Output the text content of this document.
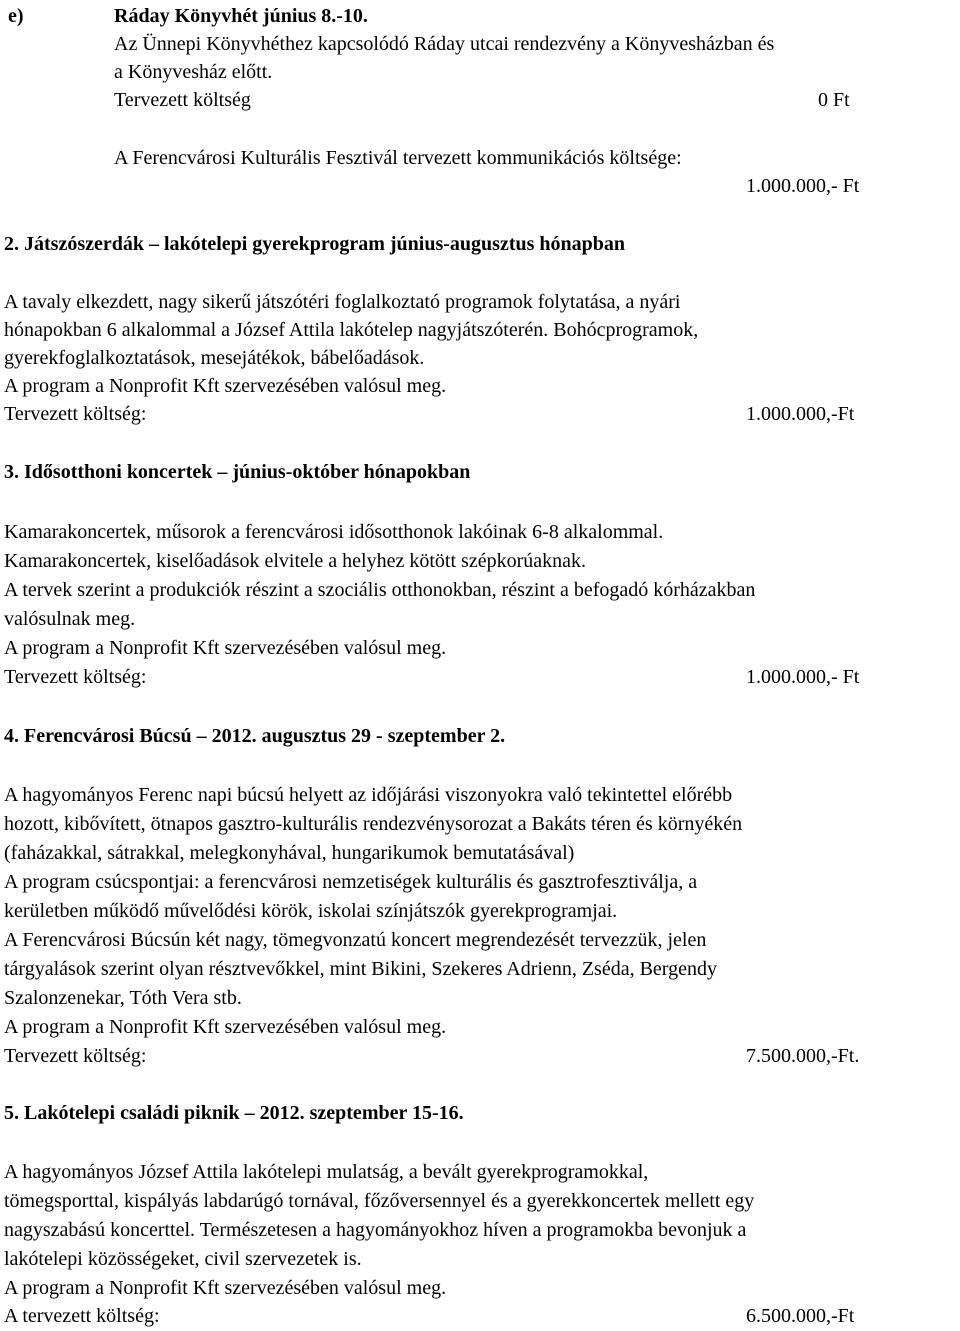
e)	Ráday Könyvhét június 8.-10.
Az Ünnepi Könyvhéthez kapcsolódó Ráday utcai rendezvény a Könyvesházban és
a Könyvesház előtt.
Tervezett költség	0 Ft
A Ferencvárosi Kulturális Fesztivál tervezett kommunikációs költsége:
1.000.000,- Ft
2. Játszószerdák – lakótelepi gyerekprogram június-augusztus hónapban
A tavaly elkezdett, nagy sikerű játszótéri foglalkoztató programok folytatása, a nyári
hónapokban 6 alkalommal a József Attila lakótelep nagyjátszóterén. Bohócprogramok,
gyerekfoglalkoztatások, mesejátékok, bábelőadások.
A program a Nonprofit Kft szervezésében valósul meg.
Tervezett költség:	1.000.000,-Ft
3. Idősotthoni koncertek – június-október hónapokban
Kamarakoncertek, műsorok a ferencvárosi idősotthonok lakóinak 6-8 alkalommal.
Kamarakoncertek, kiselőadások elvitele a helyhez kötött szépkorúaknak.
A tervek szerint a produkciók részint a szociális otthonokban, részint a befogadó kórházakban
valósulnak meg.
A program a Nonprofit Kft szervezésében valósul meg.
Tervezett költség:	1.000.000,- Ft
4. Ferencvárosi Búcsú – 2012. augusztus 29 - szeptember 2.
A hagyományos Ferenc napi búcsú helyett az időjárási viszonyokra való tekintettel előrébb
hozott, kibővített, ötnapos gasztro-kulturális rendezvénysorozat a Bakáts téren és környékén
(faházakkal, sátrakkal, melegkonyhával, hungarikumok bemutatásával)
A program csúcspontjai: a ferencvárosi nemzetiségek kulturális és gasztrofesztiválja, a
kerületben működő művelődési körök, iskolai színjátszók gyerekprogramjai.
A Ferencvárosi Búcsún két nagy, tömegvonzatú koncert megrendezését tervezzük, jelen
tárgyalások szerint olyan résztvevőkkel, mint Bikini, Szekeres Adrienn, Zséda, Bergendy
Szalonzenekar, Tóth Vera stb.
A program a Nonprofit Kft szervezésében valósul meg.
Tervezett költség:	7.500.000,-Ft.
5. Lakótelepi családi piknik – 2012. szeptember 15-16.
A hagyományos József Attila lakótelepi mulatság, a bevált gyerekprogramokkal,
tömegsporttal, kispályás labdarúgó tornával, főzőversennyel és a gyerekkoncertek mellett egy
nagyszabású koncerttel. Természetesen a hagyományokhoz híven a programokba bevonjuk a
lakótelepi közösségeket, civil szervezetek is.
A program a Nonprofit Kft szervezésében valósul meg.
A tervezett költség:	6.500.000,-Ft
